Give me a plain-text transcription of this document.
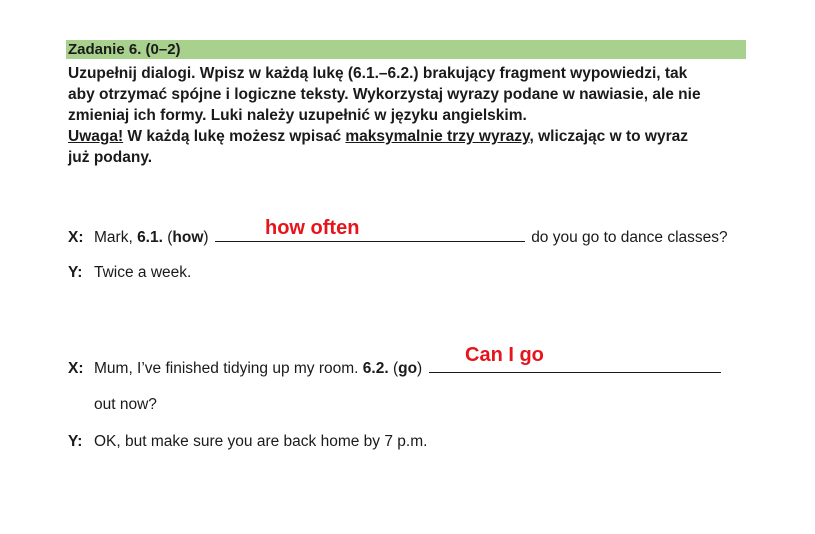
Zadanie 6. (0–2)

Uzupełnij dialogi. Wpisz w każdą lukę (6.1.–6.2.) brakujący fragment wypowiedzi, tak

aby otrzymać spójne i logiczne teksty. Wykorzystaj wyrazy podane w nawiasie, ale nie

zmieniaj ich formy. Luki należy uzupełnić w języku angielskim.

Uwaga! W każdą lukę możesz wpisać maksymalnie trzy wyrazy, wliczając w to wyraz

już podany.

X: Mark, 6.1. (how)	do you go to dance classes?
how often
Y: Twice a week.
X: Mum, I’ve finished tidying up my room. 6.2. (go)
Can I go
out now?
Y: OK, but make sure you are back home by 7 p.m.
